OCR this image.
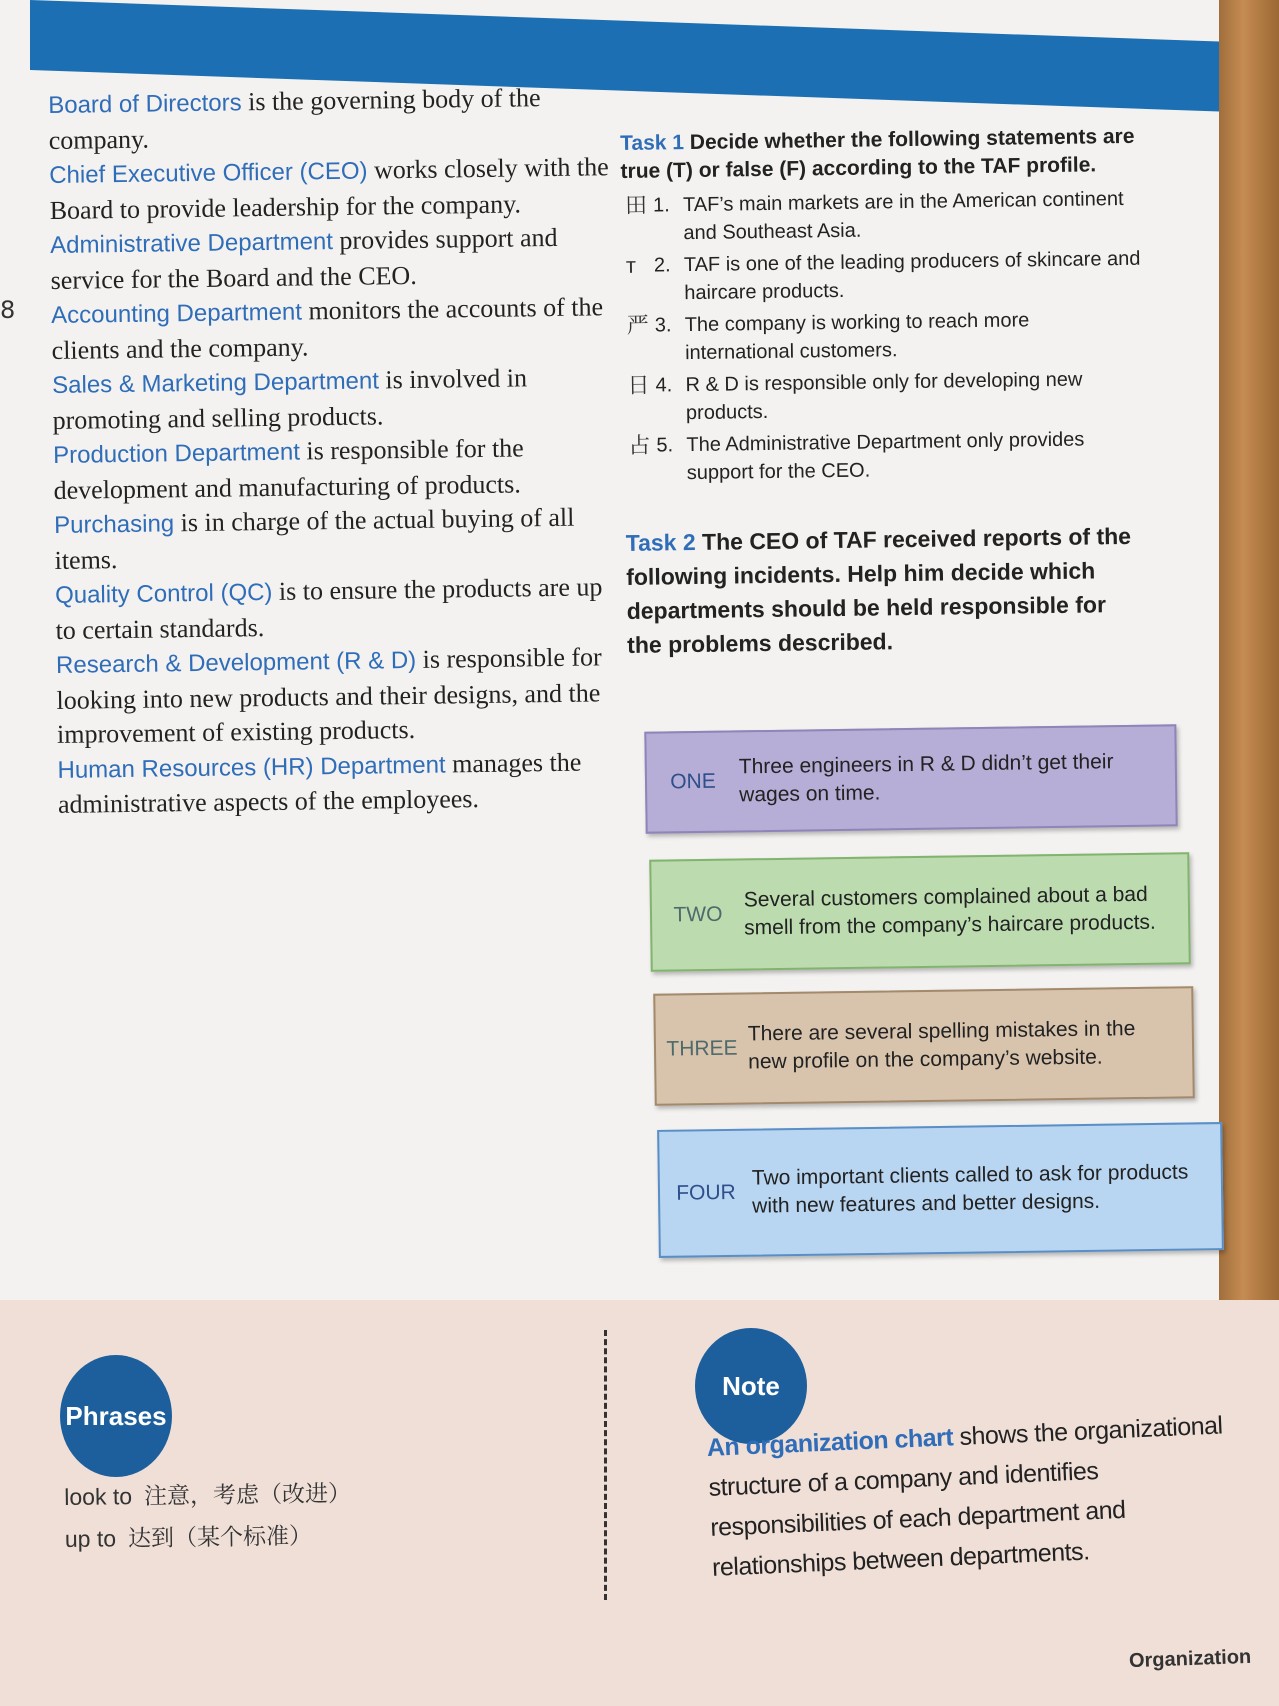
8

Board of Directors is the governing body of the company.

Chief Executive Officer (CEO) works closely with the Board to provide leadership for the company.

Administrative Department provides support and service for the Board and the CEO.

Accounting Department monitors the accounts of the clients and the company.

Sales & Marketing Department is involved in promoting and selling products.

Production Department is responsible for the development and manufacturing of products.

Purchasing is in charge of the actual buying of all items.

Quality Control (QC) is to ensure the products are up to certain standards.

Research & Development (R & D) is responsible for looking into new products and their designs, and the improvement of existing products.

Human Resources (HR) Department manages the administrative aspects of the employees.

Task 1 Decide whether the following statements are true (T) or false (F) according to the TAF profile.

田 1. TAF’s main markets are in the American continent and Southeast Asia.
ᴛ 2. TAF is one of the leading producers of skincare and haircare products.
严 3. The company is working to reach more international customers.
日 4. R & D is responsible only for developing new products.
占 5. The Administrative Department only provides support for the CEO.

Task 2 The CEO of TAF received reports of the following incidents. Help him decide which departments should be held responsible for the problems described.

ONE
Three engineers in R & D didn’t get their wages on time.
TWO
Several customers complained about a bad smell from the company’s haircare products.
THREE
There are several spelling mistakes in the new profile on the company’s website.
FOUR
Two important clients called to ask for products with new features and better designs.
Phrases
look to 注意，考虑（改进）
up to 达到（某个标准）
Note
An organization chart shows the organizational structure of a company and identifies responsibilities of each department and relationships between departments.
Organization
